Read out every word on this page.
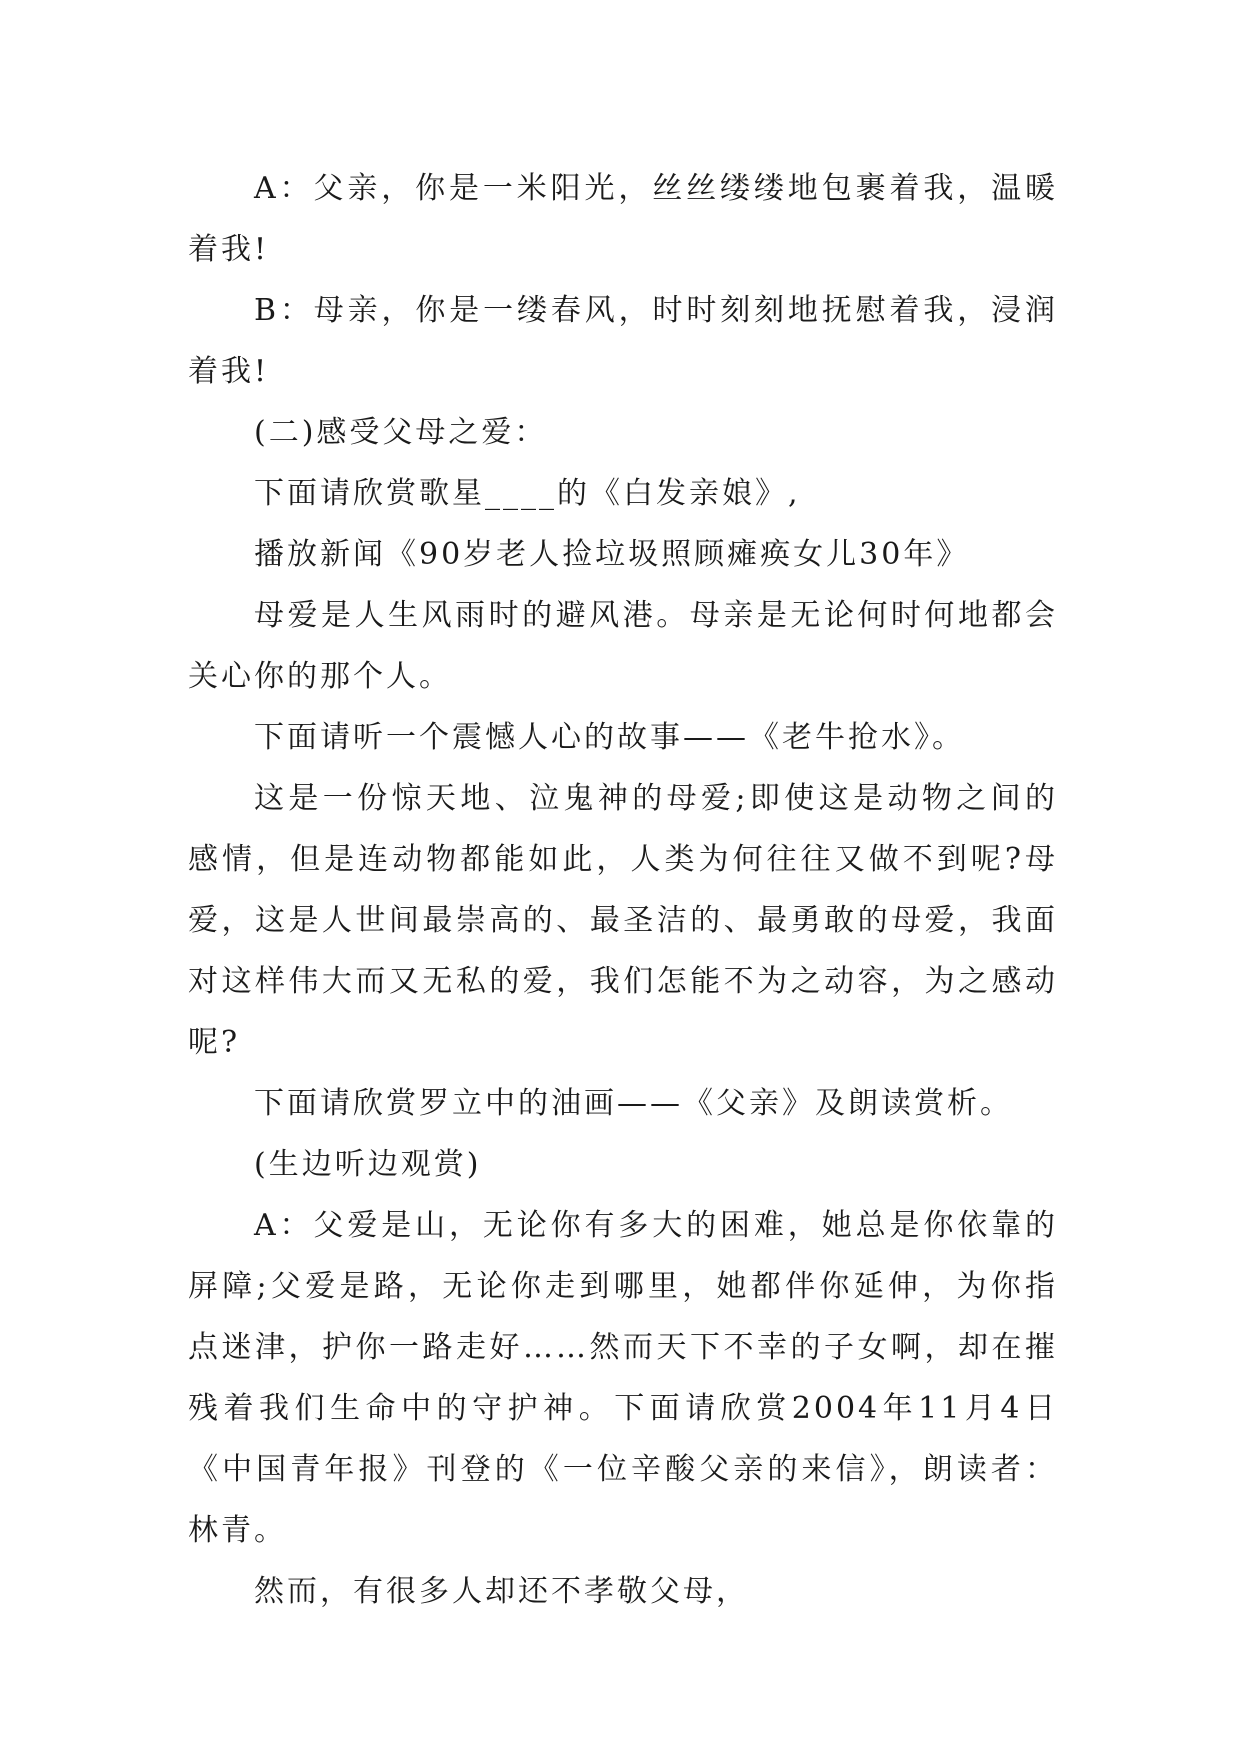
A：父亲，你是一米阳光，丝丝缕缕地包裹着我，温暖着我!

B：母亲，你是一缕春风，时时刻刻地抚慰着我，浸润着我!

(二)感受父母之爱：

下面请欣赏歌星____的《白发亲娘》,

播放新闻《90岁老人捡垃圾照顾瘫痪女儿30年》

母爱是人生风雨时的避风港。母亲是无论何时何地都会关心你的那个人。

下面请听一个震憾人心的故事——《老牛抢水》。

这是一份惊天地、泣鬼神的母爱;即使这是动物之间的感情，但是连动物都能如此，人类为何往往又做不到呢?母爱，这是人世间最崇高的、最圣洁的、最勇敢的母爱，我面对这样伟大而又无私的爱，我们怎能不为之动容，为之感动呢?

下面请欣赏罗立中的油画——《父亲》及朗读赏析。

(生边听边观赏)

A：父爱是山，无论你有多大的困难，她总是你依靠的屏障;父爱是路，无论你走到哪里，她都伴你延伸，为你指点迷津，护你一路走好……然而天下不幸的子女啊，却在摧残着我们生命中的守护神。下面请欣赏2004年11月4日《中国青年报》刊登的《一位辛酸父亲的来信》，朗读者：林青。

然而，有很多人却还不孝敬父母，
